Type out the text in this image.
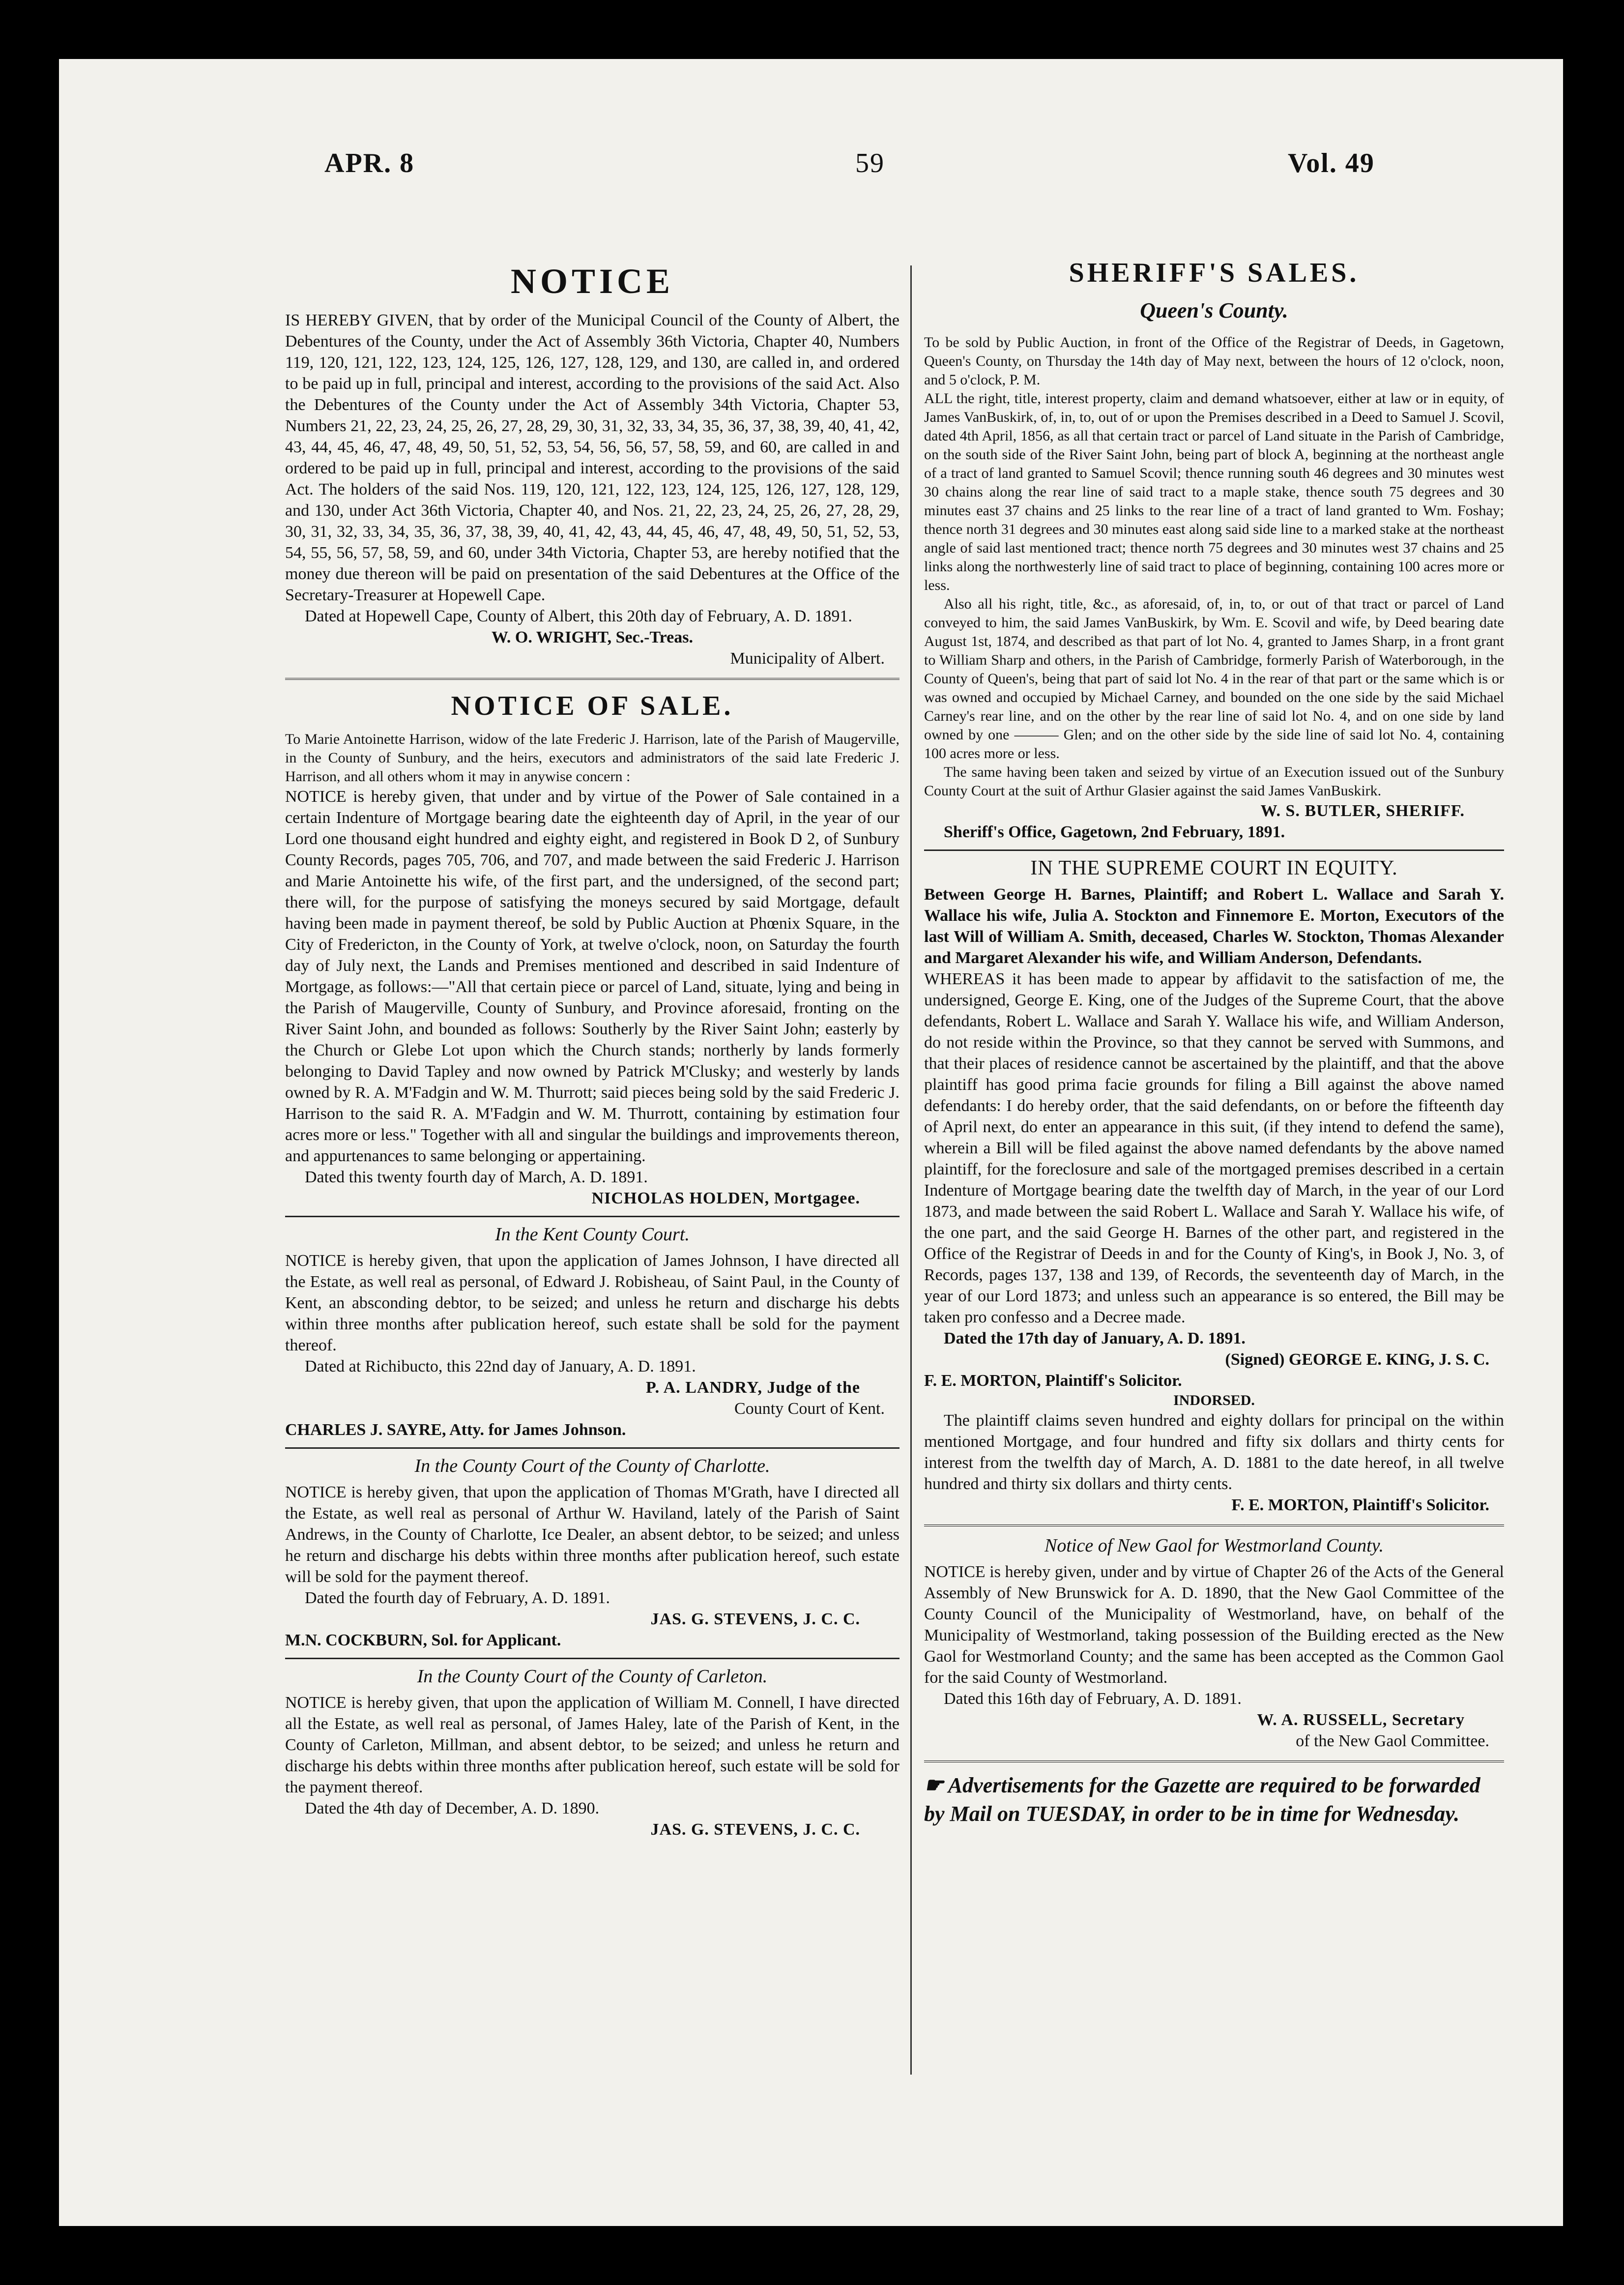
APR. 8	59	Vol. 49
NOTICE

IS HEREBY GIVEN, that by order of the Municipal Council of the County of Albert, the Debentures of the County, under the Act of Assembly 36th Victoria, Chapter 40, Numbers 119, 120, 121, 122, 123, 124, 125, 126, 127, 128, 129, and 130, are called in, and ordered to be paid up in full, principal and interest, according to the provisions of the said Act. Also the Debentures of the County under the Act of Assembly 34th Victoria, Chapter 53, Numbers 21, 22, 23, 24, 25, 26, 27, 28, 29, 30, 31, 32, 33, 34, 35, 36, 37, 38, 39, 40, 41, 42, 43, 44, 45, 46, 47, 48, 49, 50, 51, 52, 53, 54, 56, 56, 57, 58, 59, and 60, are called in and ordered to be paid up in full, principal and interest, according to the provisions of the said Act. The holders of the said Nos. 119, 120, 121, 122, 123, 124, 125, 126, 127, 128, 129, and 130, under Act 36th Victoria, Chapter 40, and Nos. 21, 22, 23, 24, 25, 26, 27, 28, 29, 30, 31, 32, 33, 34, 35, 36, 37, 38, 39, 40, 41, 42, 43, 44, 45, 46, 47, 48, 49, 50, 51, 52, 53, 54, 55, 56, 57, 58, 59, and 60, under 34th Victoria, Chapter 53, are hereby notified that the money due thereon will be paid on presentation of the said Debentures at the Office of the Secretary-Treasurer at Hopewell Cape.

Dated at Hopewell Cape, County of Albert, this 20th day of February, A. D. 1891.

W. O. WRIGHT, Sec.-Treas.

Municipality of Albert.

NOTICE OF SALE.

To Marie Antoinette Harrison, widow of the late Frederic J. Harrison, late of the Parish of Maugerville, in the County of Sunbury, and the heirs, executors and administrators of the said late Frederic J. Harrison, and all others whom it may in anywise concern :

NOTICE is hereby given, that under and by virtue of the Power of Sale contained in a certain Indenture of Mortgage bearing date the eighteenth day of April, in the year of our Lord one thousand eight hundred and eighty eight, and registered in Book D 2, of Sunbury County Records, pages 705, 706, and 707, and made between the said Frederic J. Harrison and Marie Antoinette his wife, of the first part, and the undersigned, of the second part; there will, for the purpose of satisfying the moneys secured by said Mortgage, default having been made in payment thereof, be sold by Public Auction at Phœnix Square, in the City of Fredericton, in the County of York, at twelve o'clock, noon, on Saturday the fourth day of July next, the Lands and Premises mentioned and described in said Indenture of Mortgage, as follows:—"All that certain piece or parcel of Land, situate, lying and being in the Parish of Maugerville, County of Sunbury, and Province aforesaid, fronting on the River Saint John, and bounded as follows: Southerly by the River Saint John; easterly by the Church or Glebe Lot upon which the Church stands; northerly by lands formerly belonging to David Tapley and now owned by Patrick M'Clusky; and westerly by lands owned by R. A. M'Fadgin and W. M. Thurrott; said pieces being sold by the said Frederic J. Harrison to the said R. A. M'Fadgin and W. M. Thurrott, containing by estimation four acres more or less." Together with all and singular the buildings and improvements thereon, and appurtenances to same belonging or appertaining.

Dated this twenty fourth day of March, A. D. 1891.

NICHOLAS HOLDEN, Mortgagee.

In the Kent County Court.

NOTICE is hereby given, that upon the application of James Johnson, I have directed all the Estate, as well real as personal, of Edward J. Robisheau, of Saint Paul, in the County of Kent, an absconding debtor, to be seized; and unless he return and discharge his debts within three months after publication hereof, such estate shall be sold for the payment thereof.

Dated at Richibucto, this 22nd day of January, A. D. 1891.

P. A. LANDRY, Judge of the

County Court of Kent.

CHARLES J. SAYRE, Atty. for James Johnson.

In the County Court of the County of Charlotte.

NOTICE is hereby given, that upon the application of Thomas M'Grath, have I directed all the Estate, as well real as personal of Arthur W. Haviland, lately of the Parish of Saint Andrews, in the County of Charlotte, Ice Dealer, an absent debtor, to be seized; and unless he return and discharge his debts within three months after publication hereof, such estate will be sold for the payment thereof.

Dated the fourth day of February, A. D. 1891.

JAS. G. STEVENS, J. C. C.

M.N. COCKBURN, Sol. for Applicant.

In the County Court of the County of Carleton.

NOTICE is hereby given, that upon the application of William M. Connell, I have directed all the Estate, as well real as personal, of James Haley, late of the Parish of Kent, in the County of Carleton, Millman, and absent debtor, to be seized; and unless he return and discharge his debts within three months after publication hereof, such estate will be sold for the payment thereof.

Dated the 4th day of December, A. D. 1890.

JAS. G. STEVENS, J. C. C.

SHERIFF'S SALES.
Queen's County.

To be sold by Public Auction, in front of the Office of the Registrar of Deeds, in Gagetown, Queen's County, on Thursday the 14th day of May next, between the hours of 12 o'clock, noon, and 5 o'clock, P. M.

ALL the right, title, interest property, claim and demand whatsoever, either at law or in equity, of James VanBuskirk, of, in, to, out of or upon the Premises described in a Deed to Samuel J. Scovil, dated 4th April, 1856, as all that certain tract or parcel of Land situate in the Parish of Cambridge, on the south side of the River Saint John, being part of block A, beginning at the northeast angle of a tract of land granted to Samuel Scovil; thence running south 46 degrees and 30 minutes west 30 chains along the rear line of said tract to a maple stake, thence south 75 degrees and 30 minutes east 37 chains and 25 links to the rear line of a tract of land granted to Wm. Foshay; thence north 31 degrees and 30 minutes east along said side line to a marked stake at the northeast angle of said last mentioned tract; thence north 75 degrees and 30 minutes west 37 chains and 25 links along the northwesterly line of said tract to place of beginning, containing 100 acres more or less.

Also all his right, title, &c., as aforesaid, of, in, to, or out of that tract or parcel of Land conveyed to him, the said James VanBuskirk, by Wm. E. Scovil and wife, by Deed bearing date August 1st, 1874, and described as that part of lot No. 4, granted to James Sharp, in a front grant to William Sharp and others, in the Parish of Cambridge, formerly Parish of Waterborough, in the County of Queen's, being that part of said lot No. 4 in the rear of that part or the same which is or was owned and occupied by Michael Carney, and bounded on the one side by the said Michael Carney's rear line, and on the other by the rear line of said lot No. 4, and on one side by land owned by one ——— Glen; and on the other side by the side line of said lot No. 4, containing 100 acres more or less.

The same having been taken and seized by virtue of an Execution issued out of the Sunbury County Court at the suit of Arthur Glasier against the said James VanBuskirk.

W. S. BUTLER, SHERIFF.

Sheriff's Office, Gagetown, 2nd February, 1891.

IN THE SUPREME COURT IN EQUITY.

Between George H. Barnes, Plaintiff; and Robert L. Wallace and Sarah Y. Wallace his wife, Julia A. Stockton and Finnemore E. Morton, Executors of the last Will of William A. Smith, deceased, Charles W. Stockton, Thomas Alexander and Margaret Alexander his wife, and William Anderson, Defendants.

WHEREAS it has been made to appear by affidavit to the satisfaction of me, the undersigned, George E. King, one of the Judges of the Supreme Court, that the above defendants, Robert L. Wallace and Sarah Y. Wallace his wife, and William Anderson, do not reside within the Province, so that they cannot be served with Summons, and that their places of residence cannot be ascertained by the plaintiff, and that the above plaintiff has good prima facie grounds for filing a Bill against the above named defendants: I do hereby order, that the said defendants, on or before the fifteenth day of April next, do enter an appearance in this suit, (if they intend to defend the same), wherein a Bill will be filed against the above named defendants by the above named plaintiff, for the foreclosure and sale of the mortgaged premises described in a certain Indenture of Mortgage bearing date the twelfth day of March, in the year of our Lord 1873, and made between the said Robert L. Wallace and Sarah Y. Wallace his wife, of the one part, and the said George H. Barnes of the other part, and registered in the Office of the Registrar of Deeds in and for the County of King's, in Book J, No. 3, of Records, pages 137, 138 and 139, of Records, the seventeenth day of March, in the year of our Lord 1873; and unless such an appearance is so entered, the Bill may be taken pro confesso and a Decree made.

Dated the 17th day of January, A. D. 1891.

(Signed) GEORGE E. KING, J. S. C.

F. E. MORTON, Plaintiff's Solicitor.

INDORSED.

The plaintiff claims seven hundred and eighty dollars for principal on the within mentioned Mortgage, and four hundred and fifty six dollars and thirty cents for interest from the twelfth day of March, A. D. 1881 to the date hereof, in all twelve hundred and thirty six dollars and thirty cents.

F. E. MORTON, Plaintiff's Solicitor.

Notice of New Gaol for Westmorland County.

NOTICE is hereby given, under and by virtue of Chapter 26 of the Acts of the General Assembly of New Brunswick for A. D. 1890, that the New Gaol Committee of the County Council of the Municipality of Westmorland, have, on behalf of the Municipality of Westmorland, taking possession of the Building erected as the New Gaol for Westmorland County; and the same has been accepted as the Common Gaol for the said County of Westmorland.

Dated this 16th day of February, A. D. 1891.

W. A. RUSSELL, Secretary

of the New Gaol Committee.

☛ Advertisements for the Gazette are required to be forwarded by Mail on TUESDAY, in order to be in time for Wednesday.
